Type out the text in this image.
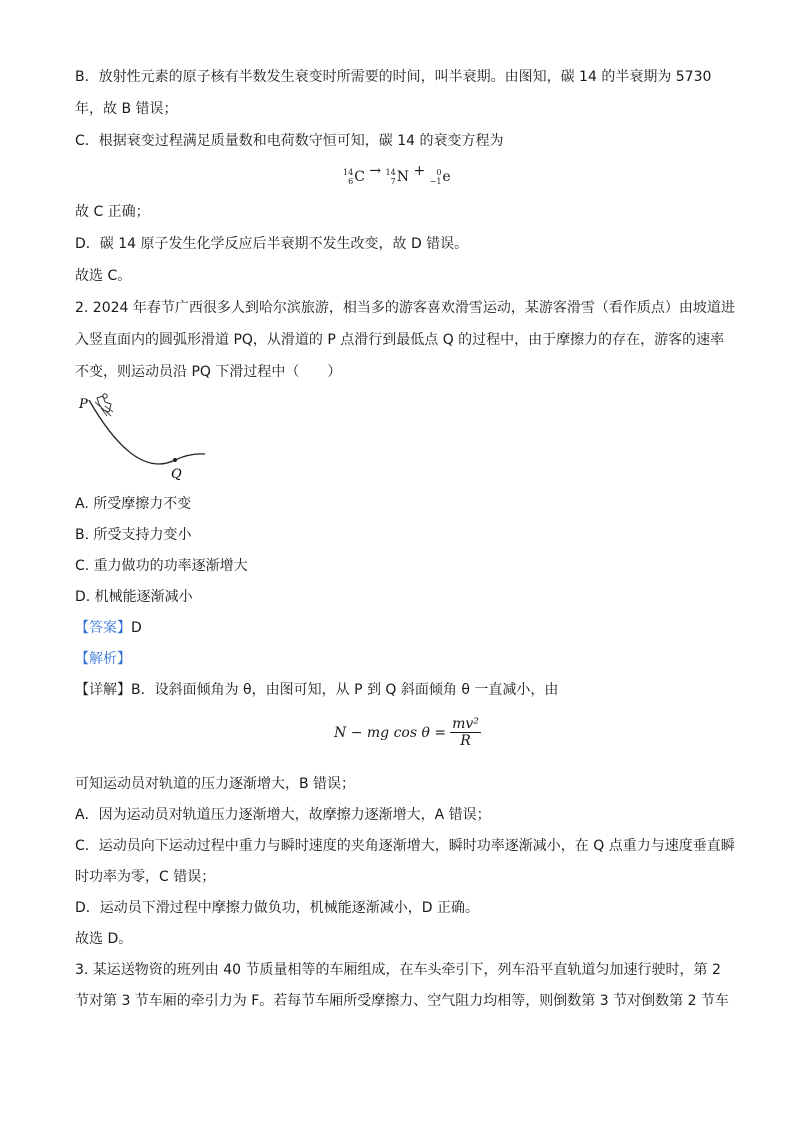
B．放射性元素的原子核有半数发生衰变时所需要的时间，叫半衰期。由图知，碳 14 的半衰期为 5730
年，故 B 错误；
C．根据衰变过程满足质量数和电荷数守恒可知，碳 14 的衰变方程为
14
6 C → 14
7 N +	0
−1 e
故 C 正确；
D．碳 14 原子发生化学反应后半衰期不发生改变，故 D 错误。
故选 C。
2. 2024 年春节广西很多人到哈尔滨旅游，相当多的游客喜欢滑雪运动，某游客滑雪（看作质点）由坡道进
入竖直面内的圆弧形滑道 PQ，从滑道的 P 点滑行到最低点 Q 的过程中，由于摩擦力的存在，游客的速率
不变，则运动员沿 PQ 下滑过程中（　　）
P
Q
A. 所受摩擦力不变
B. 所受支持力变小
C. 重力做功的功率逐渐增大
D. 机械能逐渐减小
【答案】D
【解析】
【详解】B．设斜面倾角为 θ，由图可知，从 P 到 Q 斜面倾角 θ 一直减小，由
N − mg $\cos \theta = \frac{\text{mv²}}{R}$
可知运动员对轨道的压力逐渐增大，B 错误；
A．因为运动员对轨道压力逐渐增大，故摩擦力逐渐增大，A 错误；
C．运动员向下运动过程中重力与瞬时速度的夹角逐渐增大，瞬时功率逐渐减小，在 Q 点重力与速度垂直瞬
时功率为零，C 错误；
D．运动员下滑过程中摩擦力做负功，机械能逐渐减小，D 正确。
故选 D。
3. 某运送物资的班列由 40 节质量相等的车厢组成，在车头牵引下，列车沿平直轨道匀加速行驶时，第 2
节对第 3 节车厢的牵引力为 F。若每节车厢所受摩擦力、空气阻力均相等，则倒数第 3 节对倒数第 2 节车
